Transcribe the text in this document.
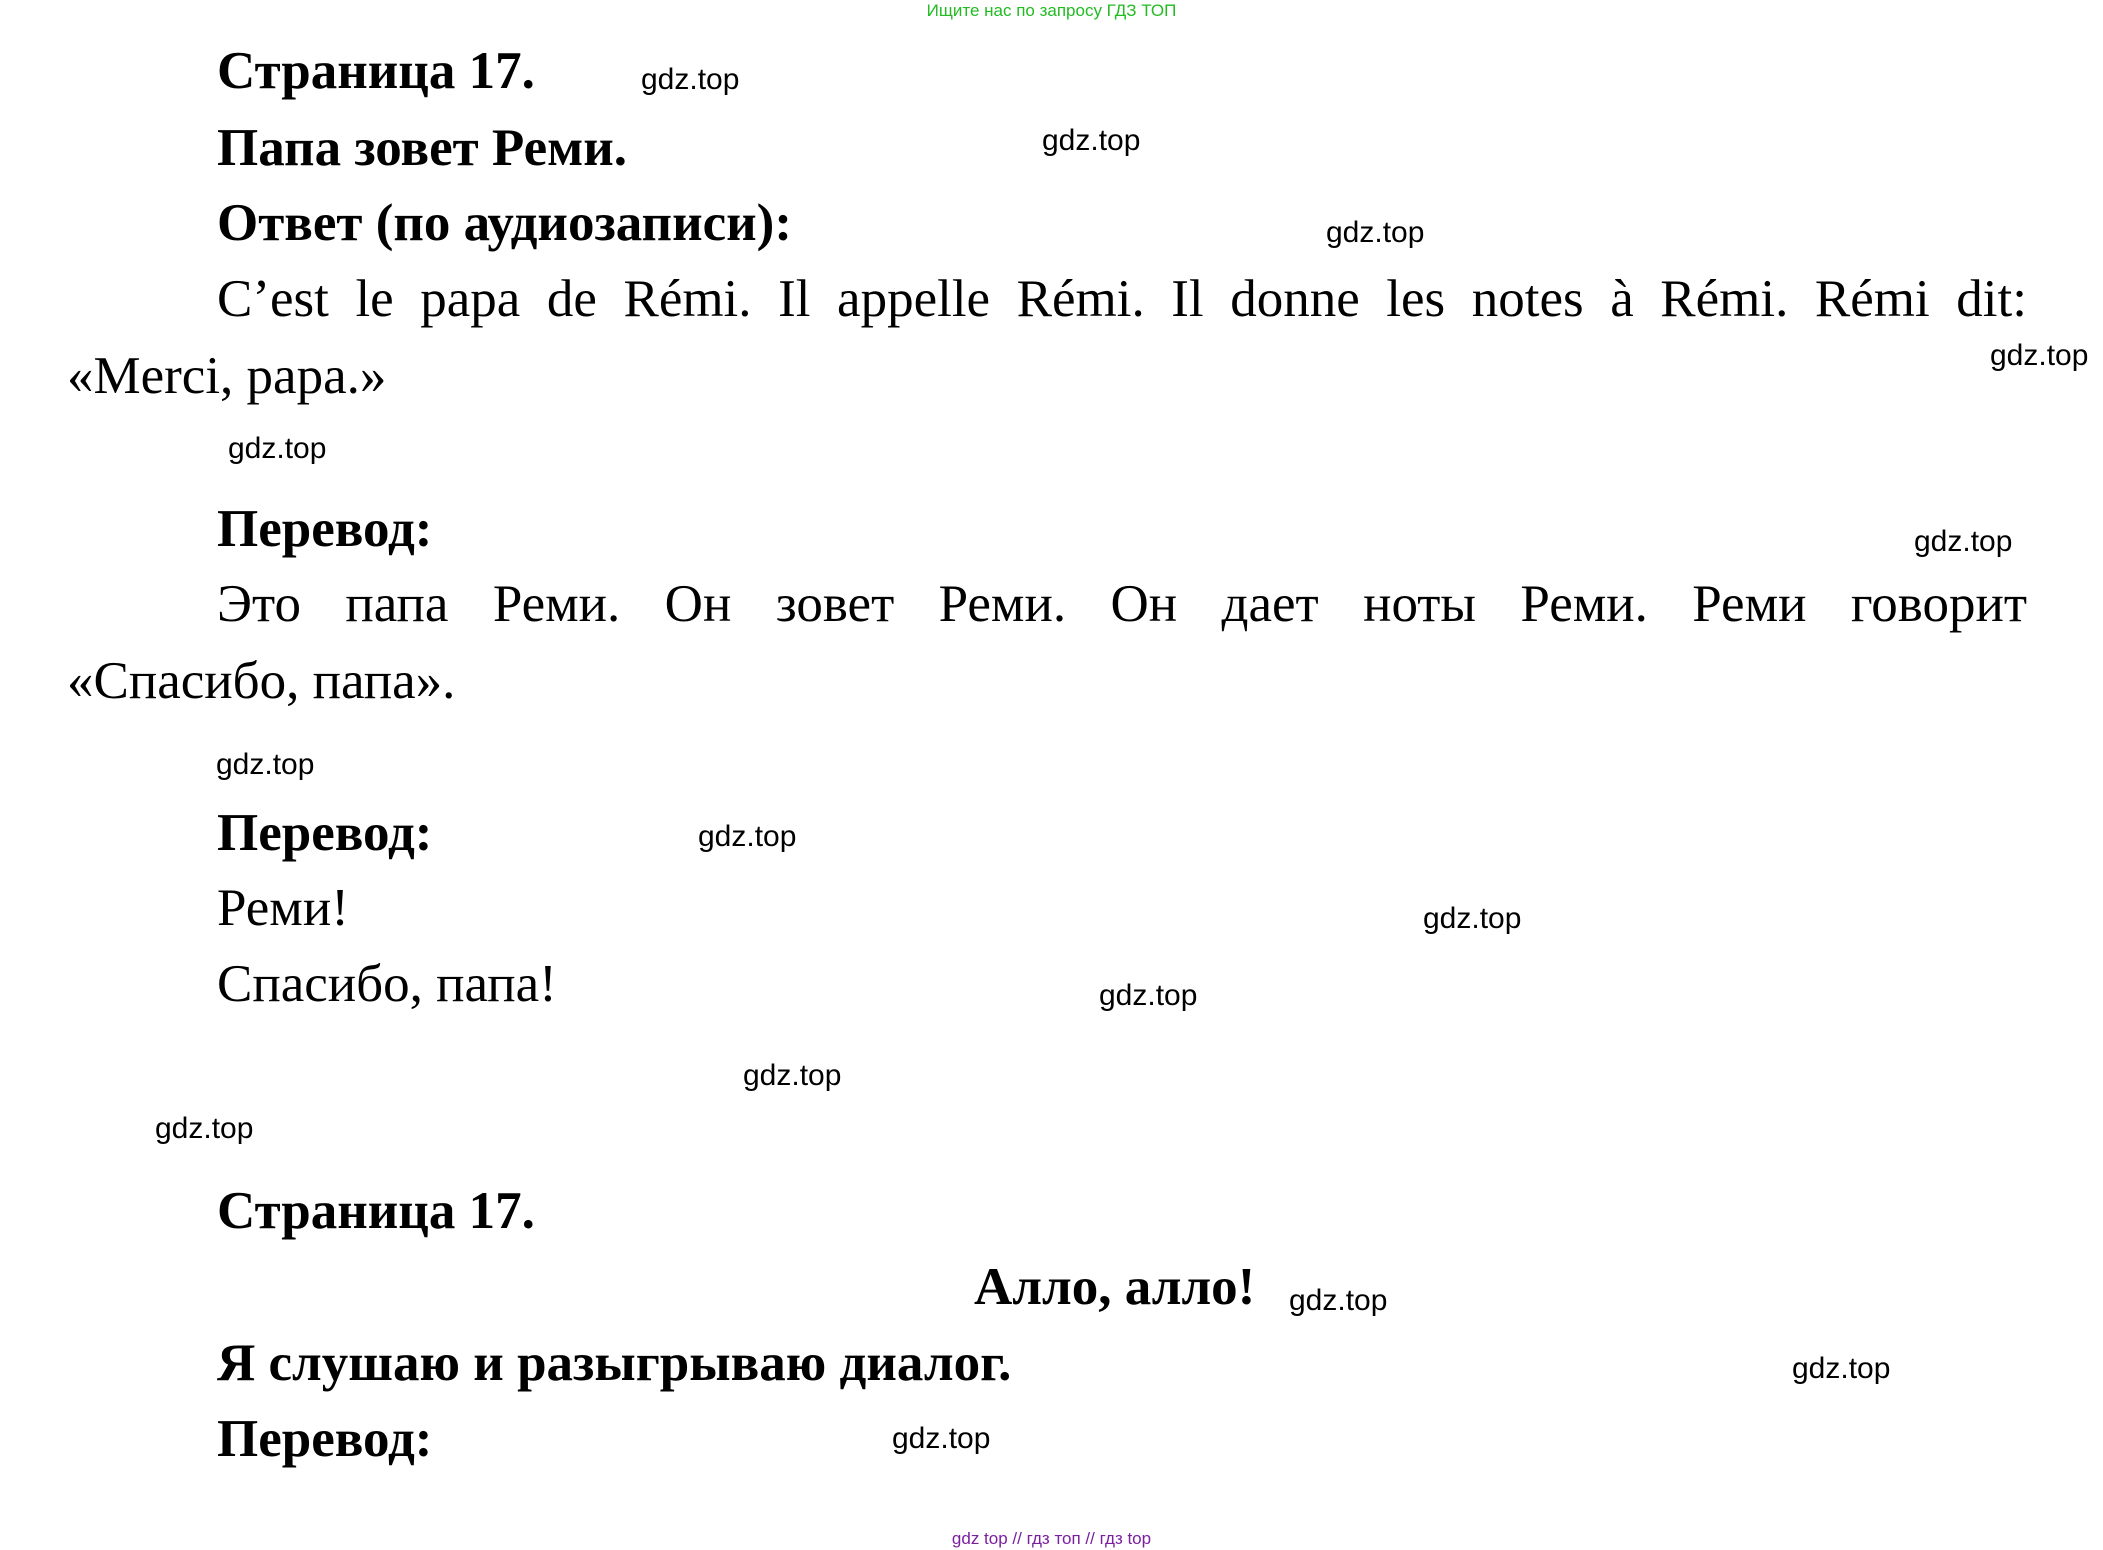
Ищите нас по запросу ГДЗ ТОП
Страница 17.
Папа зовет Реми.
Ответ (по аудиозаписи):
C’est le papa de Rémi. Il appelle Rémi. Il donne les notes à Rémi. Rémi dit:
«Merci, papa.»
Перевод:
Это папа Реми. Он зовет Реми. Он дает ноты Реми. Реми говорит
«Спасибо, папа».
Перевод:
Реми!
Спасибо, папа!
Страница 17.
Алло, алло!
Я слушаю и разыгрываю диалог.
Перевод:
gdz.top
gdz.top
gdz.top
gdz.top
gdz.top
gdz.top
gdz.top
gdz.top
gdz.top
gdz.top
gdz.top
gdz.top
gdz.top
gdz.top
gdz.top
gdz top // гдз топ // гдз top
